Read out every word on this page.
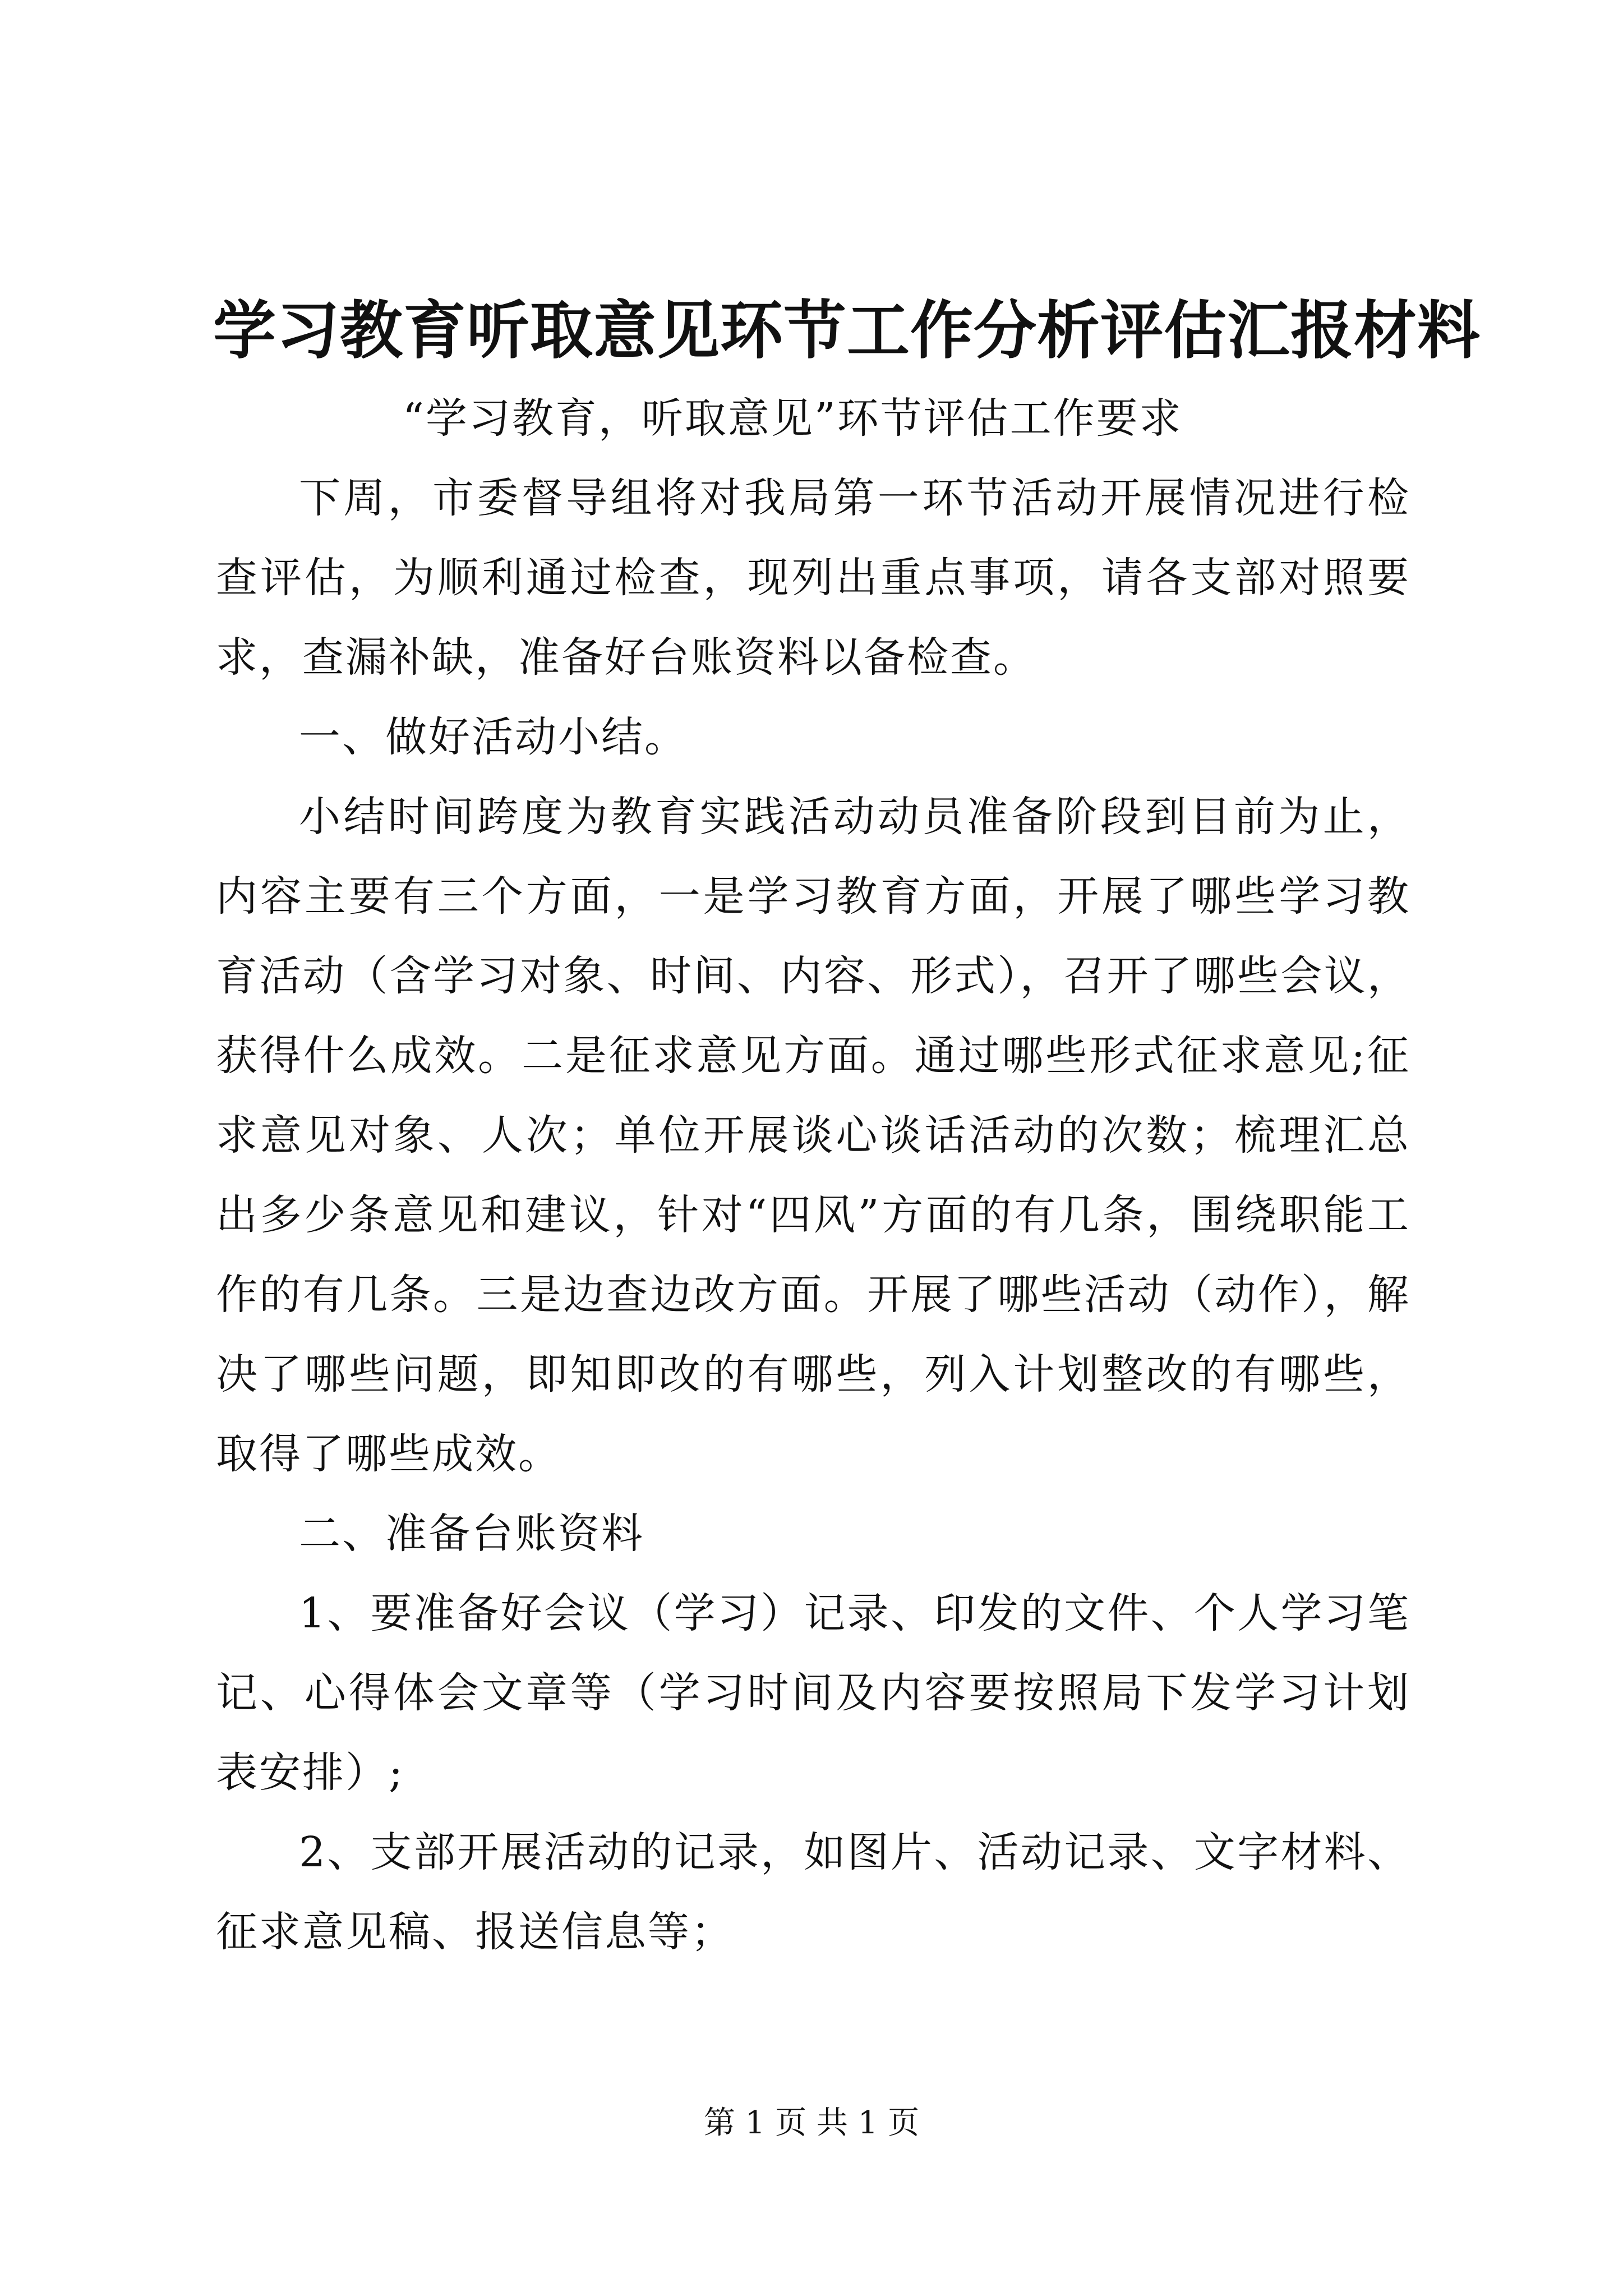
学习教育听取意见环节工作分析评估汇报材料

“学习教育，听取意见”环节评估工作要求

下周，市委督导组将对我局第一环节活动开展情况进行检查评估，为顺利通过检查，现列出重点事项，请各支部对照要求，查漏补缺，准备好台账资料以备检查。

一、做好活动小结。

小结时间跨度为教育实践活动动员准备阶段到目前为止，内容主要有三个方面，一是学习教育方面，开展了哪些学习教育活动（含学习对象、时间、内容、形式），召开了哪些会议，获得什么成效。二是征求意见方面。通过哪些形式征求意见;征求意见对象、人次；单位开展谈心谈话活动的次数；梳理汇总出多少条意见和建议，针对“四风”方面的有几条，围绕职能工作的有几条。三是边查边改方面。开展了哪些活动（动作），解决了哪些问题，即知即改的有哪些，列入计划整改的有哪些，取得了哪些成效。

二、准备台账资料

1、要准备好会议（学习）记录、印发的文件、个人学习笔记、心得体会文章等（学习时间及内容要按照局下发学习计划表安排）;

2、支部开展活动的记录，如图片、活动记录、文字材料、征求意见稿、报送信息等；

第 1 页 共 1 页
